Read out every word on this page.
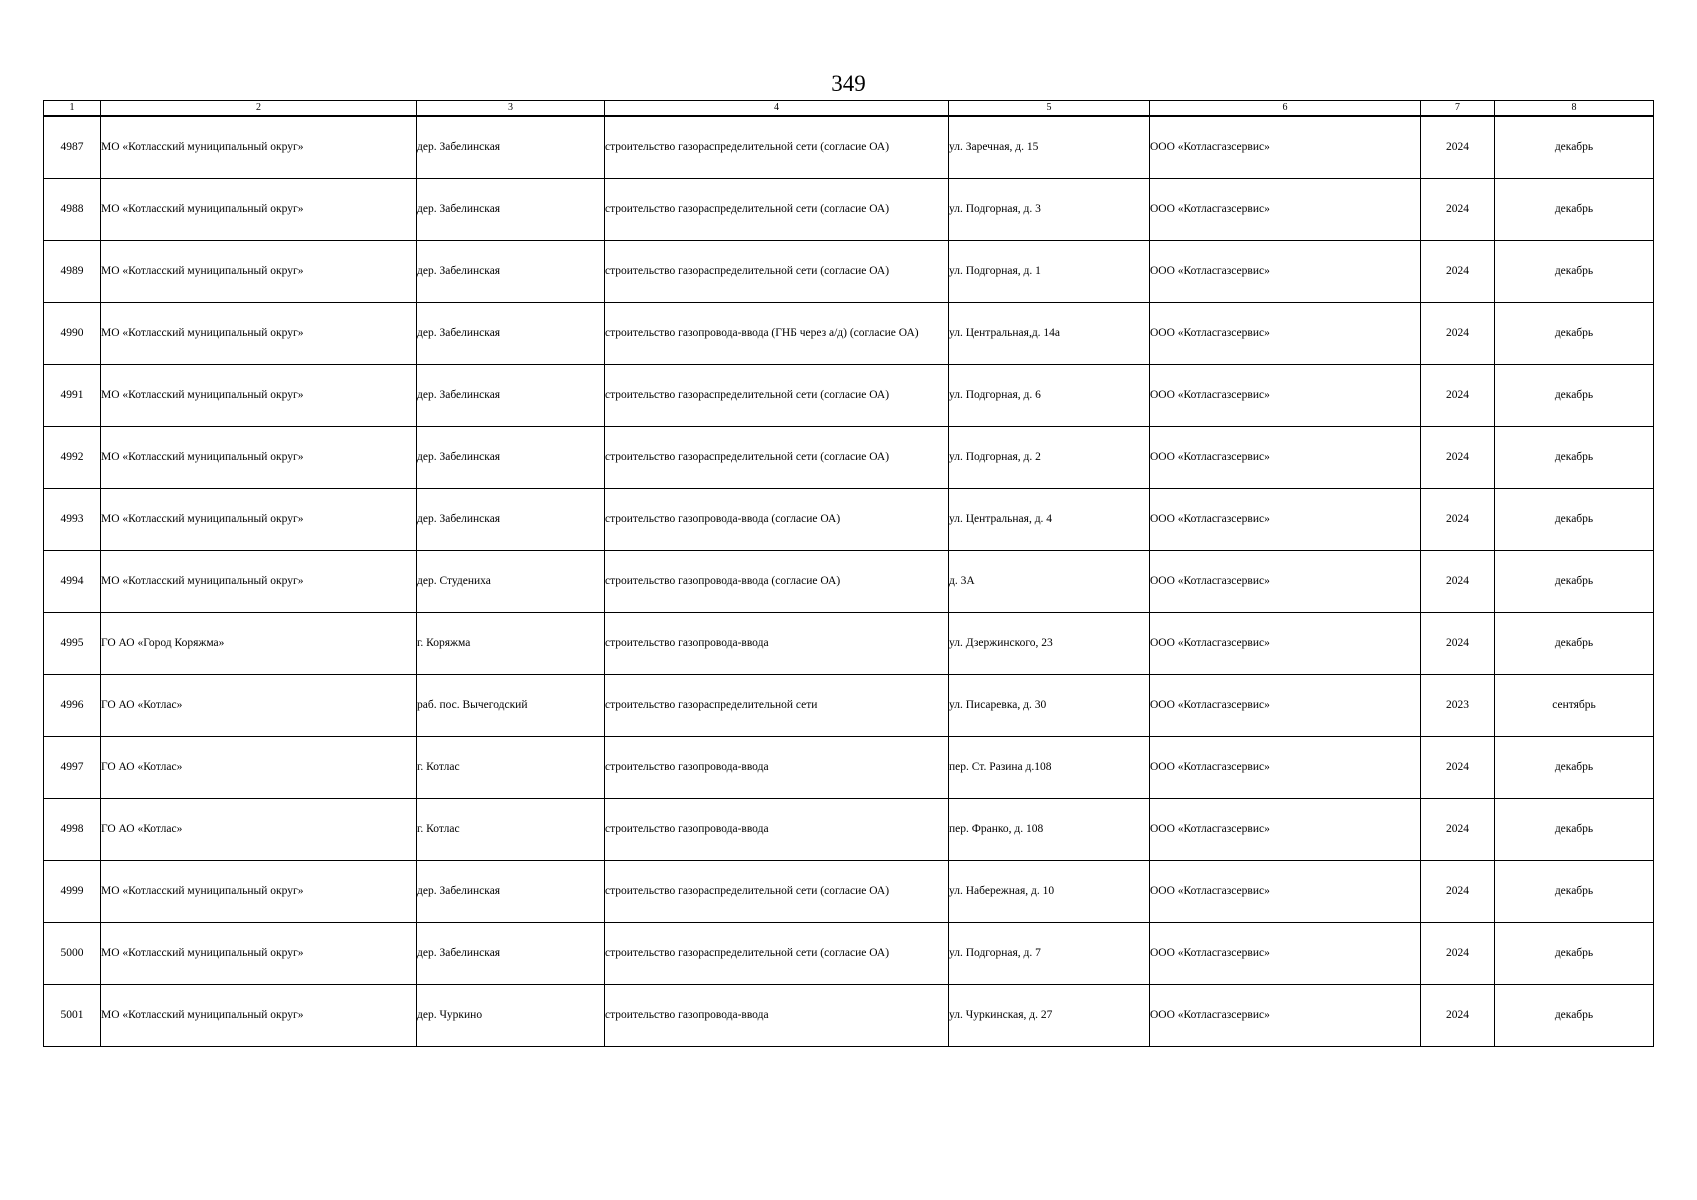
349
1	2	3	4	5	6	7	8
4987	МО «Котласский муниципальный округ»	дер. Забелинская	строительство газораспределительной сети (согласие ОА)	ул. Заречная, д. 15	ООО «Котласгазсервис»	2024	декабрь
4988	МО «Котласский муниципальный округ»	дер. Забелинская	строительство газораспределительной сети (согласие ОА)	ул. Подгорная, д. 3	ООО «Котласгазсервис»	2024	декабрь
4989	МО «Котласский муниципальный округ»	дер. Забелинская	строительство газораспределительной сети (согласие ОА)	ул. Подгорная, д. 1	ООО «Котласгазсервис»	2024	декабрь
4990	МО «Котласский муниципальный округ»	дер. Забелинская	строительство газопровода-ввода (ГНБ через а/д) (согласие ОА)	ул. Центральная,д. 14а	ООО «Котласгазсервис»	2024	декабрь
4991	МО «Котласский муниципальный округ»	дер. Забелинская	строительство газораспределительной сети (согласие ОА)	ул. Подгорная, д. 6	ООО «Котласгазсервис»	2024	декабрь
4992	МО «Котласский муниципальный округ»	дер. Забелинская	строительство газораспределительной сети (согласие ОА)	ул. Подгорная, д. 2	ООО «Котласгазсервис»	2024	декабрь
4993	МО «Котласский муниципальный округ»	дер. Забелинская	строительство газопровода-ввода (согласие ОА)	ул. Центральная, д. 4	ООО «Котласгазсервис»	2024	декабрь
4994	МО «Котласский муниципальный округ»	дер. Студениха	строительство газопровода-ввода (согласие ОА)	д. 3А	ООО «Котласгазсервис»	2024	декабрь
4995	ГО АО «Город Коряжма»	г. Коряжма	строительство газопровода-ввода	ул. Дзержинского, 23	ООО «Котласгазсервис»	2024	декабрь
4996	ГО АО «Котлас»	раб. пос. Вычегодский	строительство газораспределительной сети	ул. Писаревка, д. 30	ООО «Котласгазсервис»	2023	сентябрь
4997	ГО АО «Котлас»	г. Котлас	строительство газопровода-ввода	пер. Ст. Разина д.108	ООО «Котласгазсервис»	2024	декабрь
4998	ГО АО «Котлас»	г. Котлас	строительство газопровода-ввода	пер. Франко, д. 108	ООО «Котласгазсервис»	2024	декабрь
4999	МО «Котласский муниципальный округ»	дер. Забелинская	строительство газораспределительной сети (согласие ОА)	ул. Набережная, д. 10	ООО «Котласгазсервис»	2024	декабрь
5000	МО «Котласский муниципальный округ»	дер. Забелинская	строительство газораспределительной сети (согласие ОА)	ул. Подгорная, д. 7	ООО «Котласгазсервис»	2024	декабрь
5001	МО «Котласский муниципальный округ»	дер. Чуркино	строительство газопровода-ввода	ул. Чуркинская, д. 27	ООО «Котласгазсервис»	2024	декабрь
